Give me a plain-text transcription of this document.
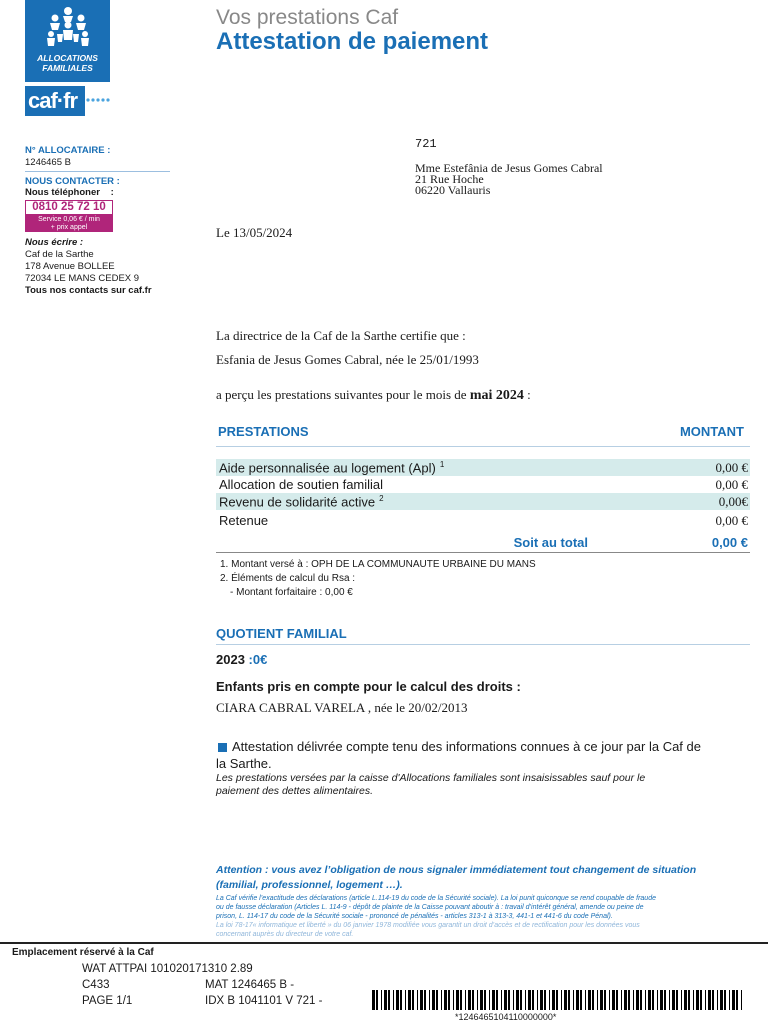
ALLOCATIONS
FAMILIALES
caf·fr
Vos prestations Caf
Attestation de paiement
N° ALLOCATAIRE :
1246465 B
NOUS CONTACTER :
Nous téléphoner :
0810 25 72 10
Service 0,06 € / min
+ prix appel
Nous écrire :
Caf de la Sarthe
178 Avenue BOLLEE
72034 LE MANS CEDEX 9
Tous nos contacts sur caf.fr
721
Mme Estefânia de Jesus Gomes Cabral
21 Rue Hoche
06220 Vallauris
Le 13/05/2024
La directrice de la Caf de la Sarthe certifie que :
Esfania de Jesus Gomes Cabral, née le 25/01/1993
a perçu les prestations suivantes pour le mois de mai 2024 :
PRESTATIONS	MONTANT
Aide personnalisée au logement (Apl) $^1$	0,00 €
Allocation de soutien familial	0,00 €
Revenu de solidarité active $^2$	0,00€
Retenue	0,00 €
Soit au total	0,00 €
1. Montant versé à : OPH DE LA COMMUNAUTE URBAINE DU MANS
2. Éléments de calcul du Rsa :
- Montant forfaitaire : 0,00 €
QUOTIENT FAMILIAL
2023 :0€
Enfants pris en compte pour le calcul des droits :
CIARA CABRAL VARELA , née le 20/02/2013
Attestation délivrée compte tenu des informations connues à ce jour par la Caf de
la Sarthe.
Les prestations versées par la caisse d'Allocations familiales sont insaisissables sauf pour le
paiement des dettes alimentaires.
Attention : vous avez l’obligation de nous signaler immédiatement tout changement de situation
(familial, professionnel, logement …).
La Caf vérifie l’exactitude des déclarations (article L.114-19 du code de la Sécurité sociale). La loi punit quiconque se rend coupable de fraude
ou de fausse déclaration (Articles L. 114-9 - dépôt de plainte de la Caisse pouvant aboutir à : travail d’intérêt général, amende ou peine de
prison, L. 114-17 du code de la Sécurité sociale - prononcé de pénalités - articles 313-1 à 313-3, 441-1 et 441-6 du code Pénal).
La loi 78-17« informatique et liberté » du 06 janvier 1978 modifiée vous garantit un droit d’accès et de rectification pour les données vous
concernant auprès du directeur de votre caf.
Emplacement réservé à la Caf
WAT ATTPAI 101020171310 2.89
C433	MAT 1246465 B -
PAGE 1/1	IDX B 1041101 V 721 -
*1246465104110000000*
